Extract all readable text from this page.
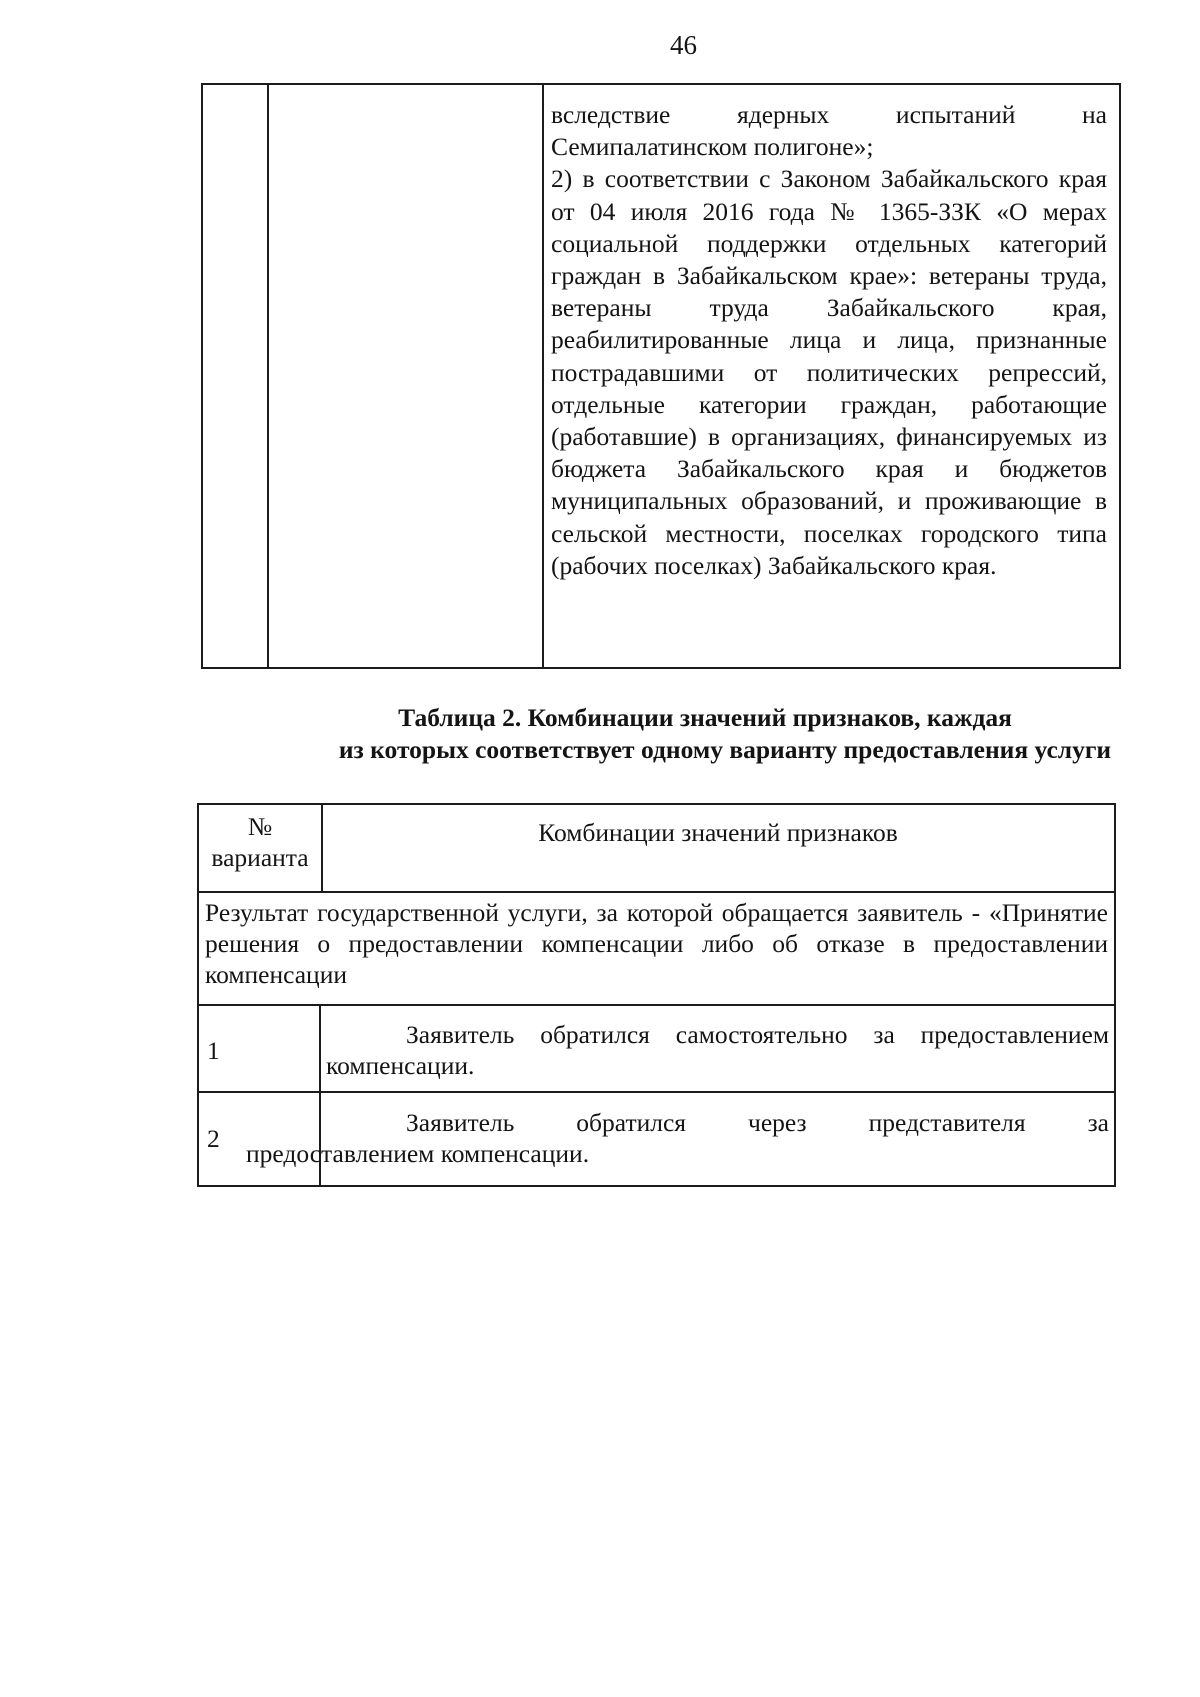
46

вследствие ядерных испытаний на Семипалатинском полигоне»;

2) в соответствии с Законом Забайкальского края от 04 июля 2016 года № 1365-ЗЗК «О мерах социальной поддержки отдельных категорий граждан в Забайкальском крае»: ветераны труда, ветераны труда Забайкальского края, реабилитированные лица и лица, признанные пострадавшими от политических репрессий, отдельные категории граждан, работающие (работавшие) в организациях, финансируемых из бюджета Забайкальского края и бюджетов муниципальных образований, и проживающие в сельской местности, поселках городского типа (рабочих поселках) Забайкальского края.

Таблица 2. Комбинации значений признаков, каждая
из которых соответствует одному варианту предоставления услуги
№
варианта
Комбинации значений признаков
Результат государственной услуги, за которой обращается заявитель - «Принятие решения о предоставлении компенсации либо об отказе в предоставлении компенсации
1
Заявитель обратился самостоятельно за предоставлением компенсации.
2
Заявитель обратился через представителя за
предоставлением компенсации.
